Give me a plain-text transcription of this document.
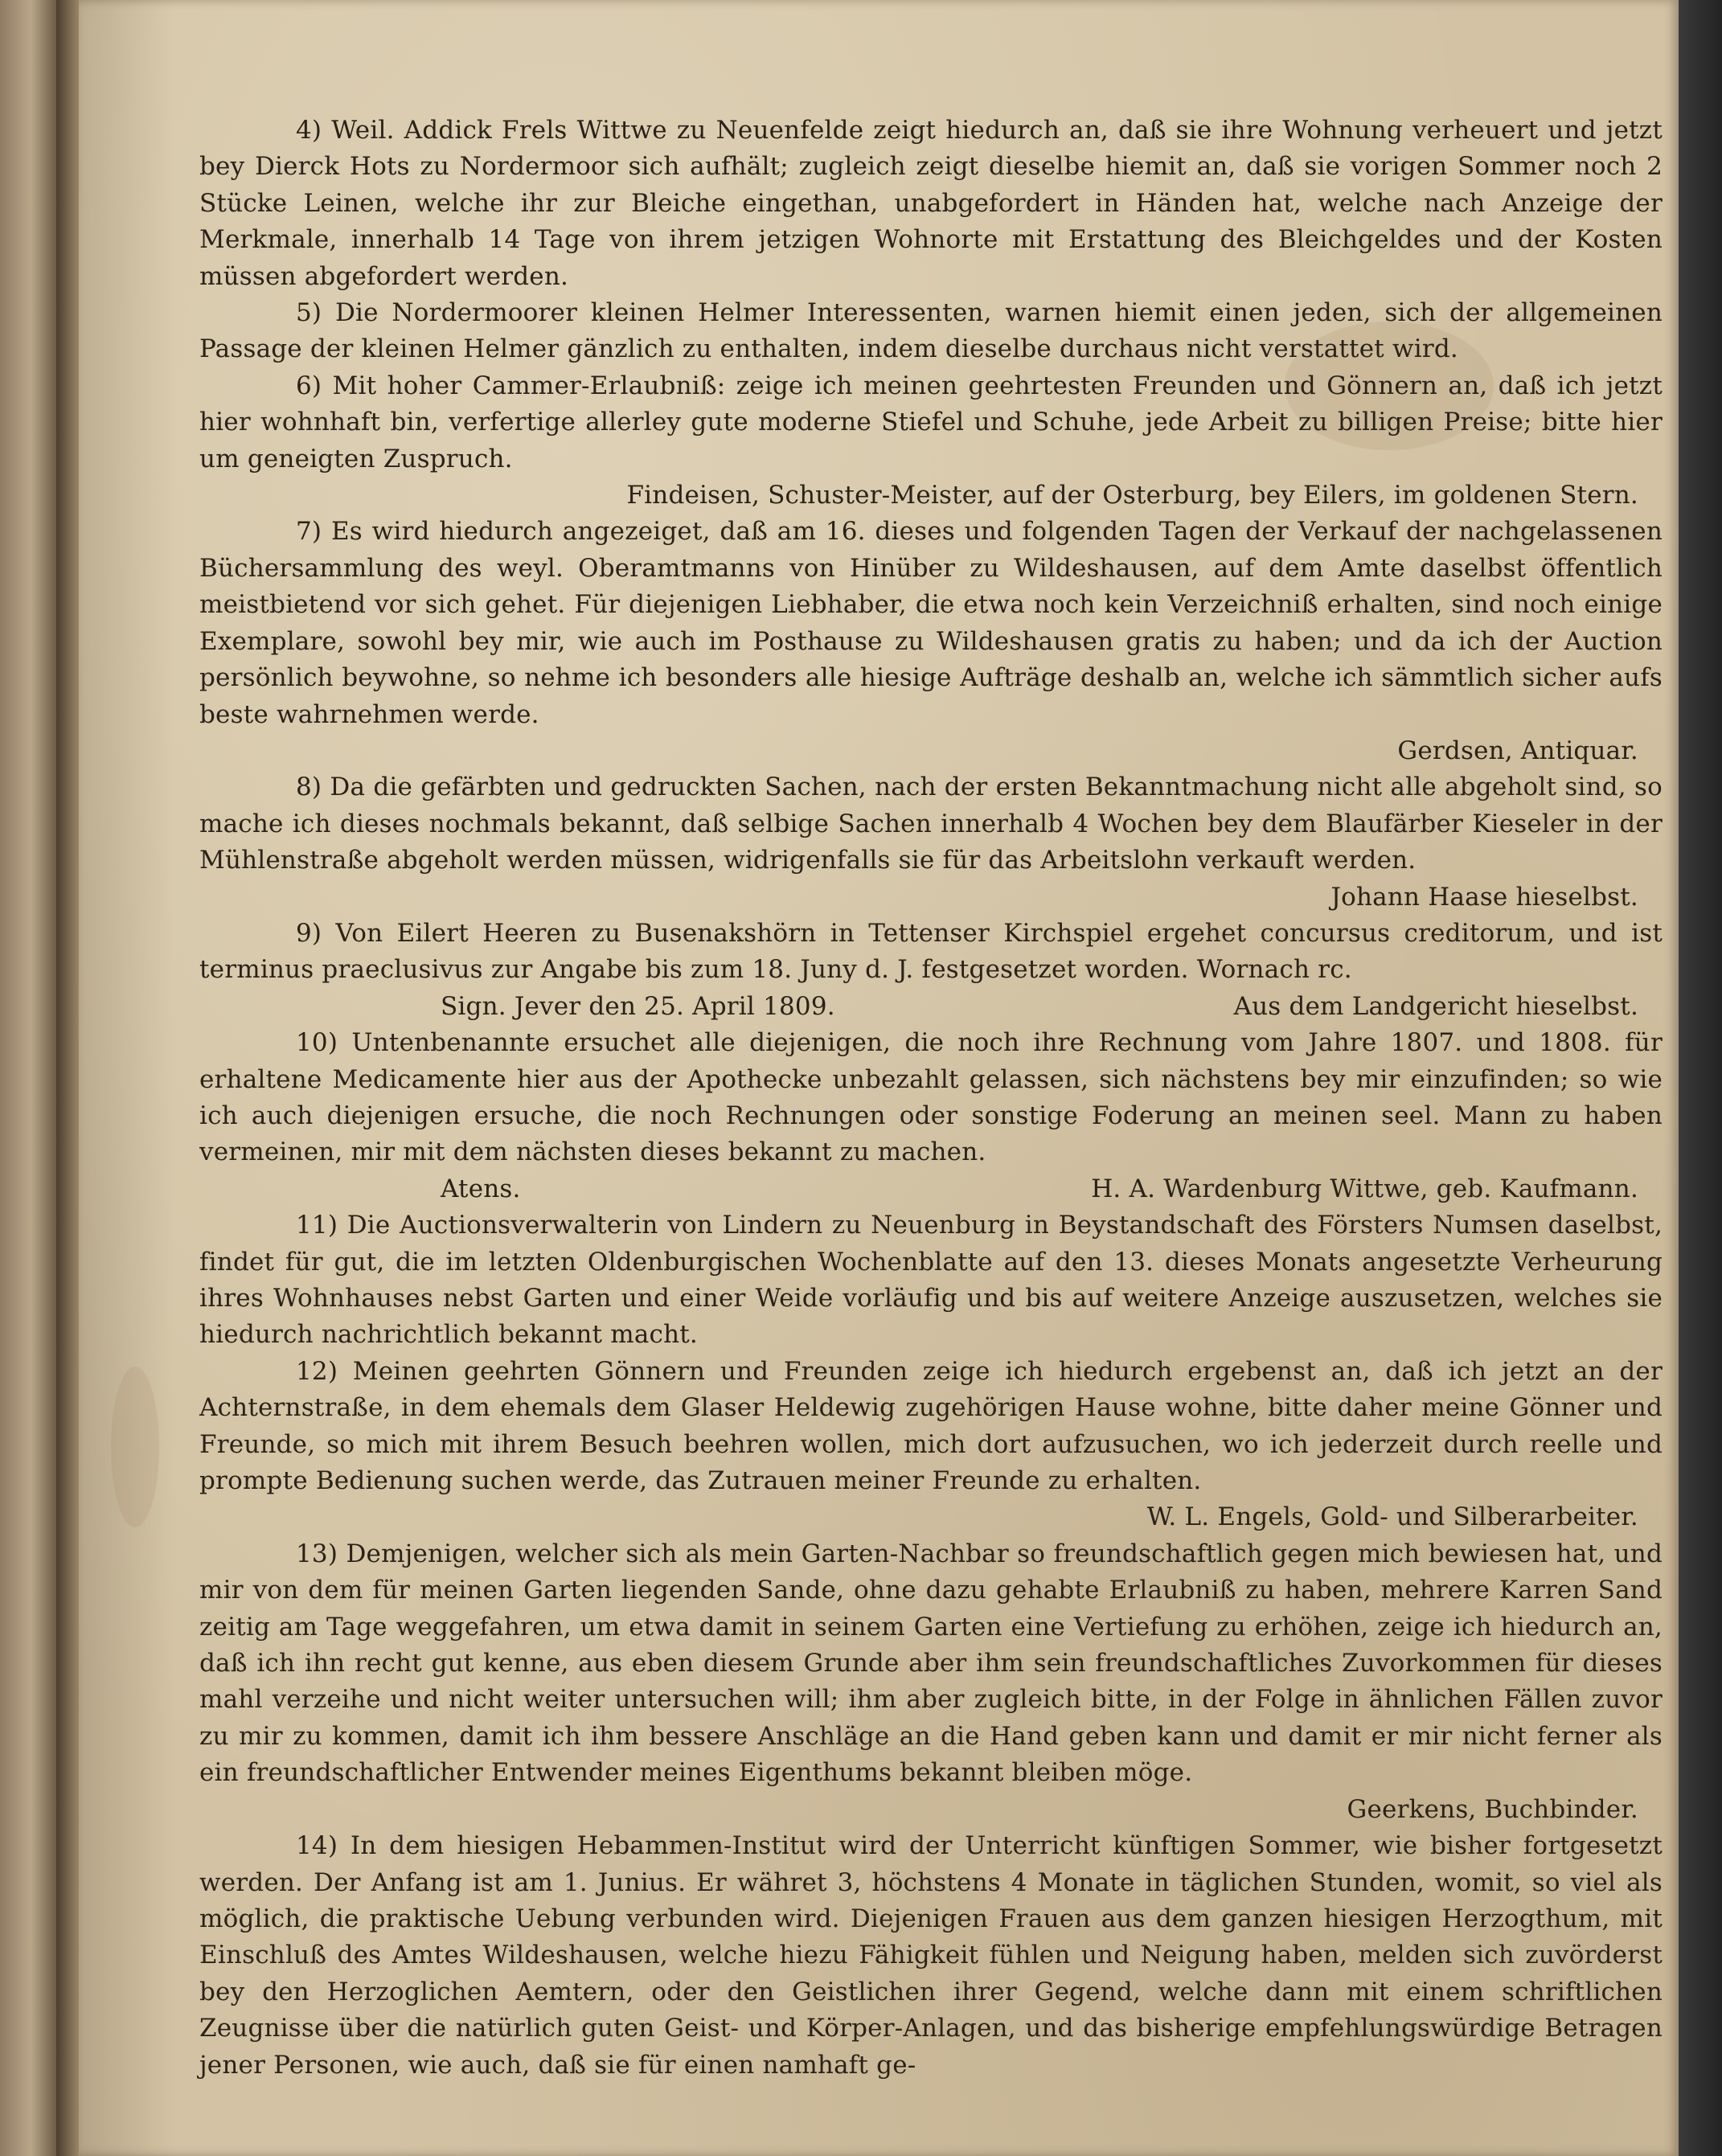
4) Weil. Addick Frels Wittwe zu Neuenfelde zeigt hiedurch an, daß sie ihre Wohnung verheuert und jetzt bey Dierck Hots zu Nordermoor sich aufhält; zugleich zeigt dieselbe hiemit an, daß sie vorigen Sommer noch 2 Stücke Leinen, welche ihr zur Bleiche eingethan, unabgefordert in Händen hat, welche nach Anzeige der Merkmale, innerhalb 14 Tage von ihrem jetzigen Wohnorte mit Erstattung des Bleichgeldes und der Kosten müssen abgefordert werden.

5) Die Nordermoorer kleinen Helmer Interessenten, warnen hiemit einen jeden, sich der allgemeinen Passage der kleinen Helmer gänzlich zu enthalten, indem dieselbe durchaus nicht verstattet wird.

6) Mit hoher Cammer-Erlaubniß: zeige ich meinen geehrtesten Freunden und Gönnern an, daß ich jetzt hier wohnhaft bin, verfertige allerley gute moderne Stiefel und Schuhe, jede Arbeit zu billigen Preise; bitte hier um geneigten Zuspruch.

Findeisen, Schuster-Meister, auf der Osterburg, bey Eilers, im goldenen Stern.

7) Es wird hiedurch angezeiget, daß am 16. dieses und folgenden Tagen der Verkauf der nachgelassenen Büchersammlung des weyl. Oberamtmanns von Hinüber zu Wildeshausen, auf dem Amte daselbst öffentlich meistbietend vor sich gehet. Für diejenigen Liebhaber, die etwa noch kein Verzeichniß erhalten, sind noch einige Exemplare, sowohl bey mir, wie auch im Posthause zu Wildeshausen gratis zu haben; und da ich der Auction persönlich beywohne, so nehme ich besonders alle hiesige Aufträge deshalb an, welche ich sämmtlich sicher aufs beste wahrnehmen werde.

Gerdsen, Antiquar.

8) Da die gefärbten und gedruckten Sachen, nach der ersten Bekanntmachung nicht alle abgeholt sind, so mache ich dieses nochmals bekannt, daß selbige Sachen innerhalb 4 Wochen bey dem Blaufärber Kieseler in der Mühlenstraße abgeholt werden müssen, widrigenfalls sie für das Arbeitslohn verkauft werden.

Johann Haase hieselbst.

9) Von Eilert Heeren zu Busenakshörn in Tettenser Kirchspiel ergehet concursus creditorum, und ist terminus praeclusivus zur Angabe bis zum 18. Juny d. J. festgesetzet worden. Wornach rc.

Sign. Jever den 25. April 1809.	Aus dem Landgericht hieselbst.

10) Untenbenannte ersuchet alle diejenigen, die noch ihre Rechnung vom Jahre 1807. und 1808. für erhaltene Medicamente hier aus der Apothecke unbezahlt gelassen, sich nächstens bey mir einzufinden; so wie ich auch diejenigen ersuche, die noch Rechnungen oder sonstige Foderung an meinen seel. Mann zu haben vermeinen, mir mit dem nächsten dieses bekannt zu machen.

Atens.	H. A. Wardenburg Wittwe, geb. Kaufmann.

11) Die Auctionsverwalterin von Lindern zu Neuenburg in Beystandschaft des Försters Numsen daselbst, findet für gut, die im letzten Oldenburgischen Wochenblatte auf den 13. dieses Monats angesetzte Verheurung ihres Wohnhauses nebst Garten und einer Weide vorläufig und bis auf weitere Anzeige auszusetzen, welches sie hiedurch nachrichtlich bekannt macht.

12) Meinen geehrten Gönnern und Freunden zeige ich hiedurch ergebenst an, daß ich jetzt an der Achternstraße, in dem ehemals dem Glaser Heldewig zugehörigen Hause wohne, bitte daher meine Gönner und Freunde, so mich mit ihrem Besuch beehren wollen, mich dort aufzusuchen, wo ich jederzeit durch reelle und prompte Bedienung suchen werde, das Zutrauen meiner Freunde zu erhalten.

W. L. Engels, Gold- und Silberarbeiter.

13) Demjenigen, welcher sich als mein Garten-Nachbar so freundschaftlich gegen mich bewiesen hat, und mir von dem für meinen Garten liegenden Sande, ohne dazu gehabte Erlaubniß zu haben, mehrere Karren Sand zeitig am Tage weggefahren, um etwa damit in seinem Garten eine Vertiefung zu erhöhen, zeige ich hiedurch an, daß ich ihn recht gut kenne, aus eben diesem Grunde aber ihm sein freundschaftliches Zuvorkommen für dieses mahl verzeihe und nicht weiter untersuchen will; ihm aber zugleich bitte, in der Folge in ähnlichen Fällen zuvor zu mir zu kommen, damit ich ihm bessere Anschläge an die Hand geben kann und damit er mir nicht ferner als ein freundschaftlicher Entwender meines Eigenthums bekannt bleiben möge.

Geerkens, Buchbinder.

14) In dem hiesigen Hebammen-Institut wird der Unterricht künftigen Sommer, wie bisher fortgesetzt werden. Der Anfang ist am 1. Junius. Er währet 3, höchstens 4 Monate in täglichen Stunden, womit, so viel als möglich, die praktische Uebung verbunden wird. Diejenigen Frauen aus dem ganzen hiesigen Herzogthum, mit Einschluß des Amtes Wildeshausen, welche hiezu Fähigkeit fühlen und Neigung haben, melden sich zuvörderst bey den Herzoglichen Aemtern, oder den Geistlichen ihrer Gegend, welche dann mit einem schriftlichen Zeugnisse über die natürlich guten Geist- und Körper-Anlagen, und das bisherige empfehlungswürdige Betragen jener Personen, wie auch, daß sie für einen namhaft ge-
